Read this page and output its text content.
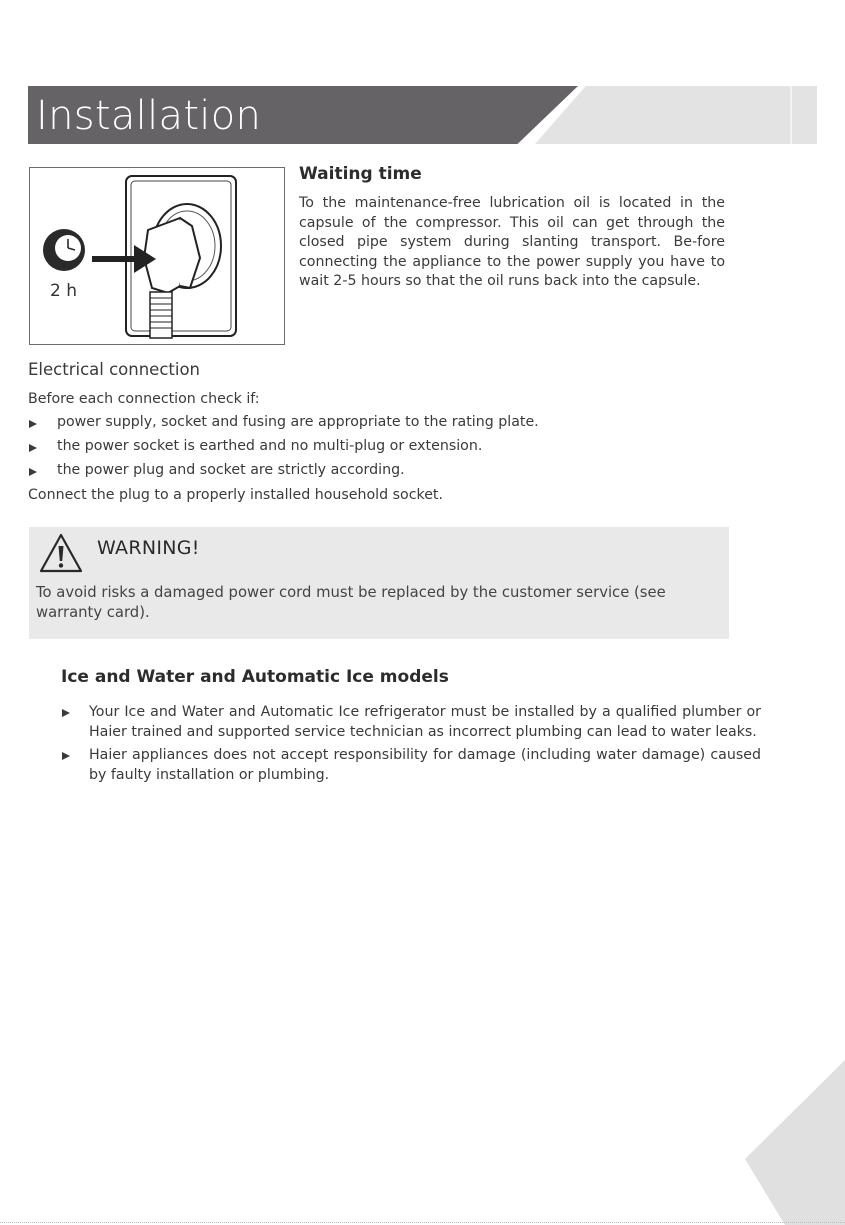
Installation
2 h
Waiting time
To the maintenance-free lubrication oil is located in the capsule of the compressor. This oil can get through the closed pipe system during slanting transport. Be-fore connecting the appliance to the power supply you have to wait 2-5 hours so that the oil runs back into the capsule.
Electrical connection
Before each connection check if:
power supply, socket and fusing are appropriate to the rating plate.
the power socket is earthed and no multi-plug or extension.
the power plug and socket are strictly according.
Connect the plug to a properly installed household socket.
WARNING!
To avoid risks a damaged power cord must be replaced by the customer service (see warranty card).
Ice and Water and Automatic Ice models
Your Ice and Water and Automatic Ice refrigerator must be installed by a qualified plumber or Haier trained and supported service technician as incorrect plumbing can lead to water leaks.
Haier appliances does not accept responsibility for damage (including water damage) caused by faulty installation or plumbing.
